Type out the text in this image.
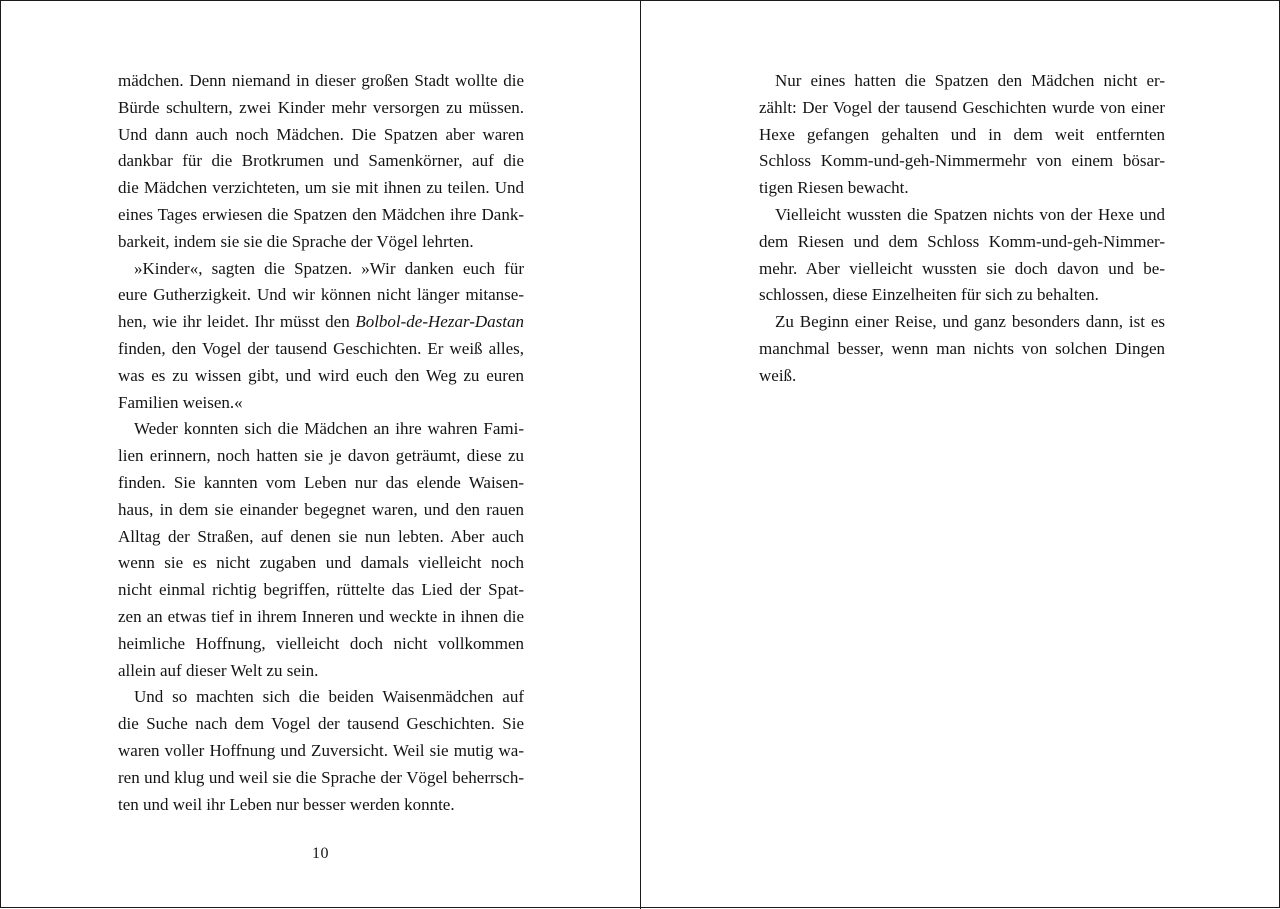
mädchen. Denn niemand in dieser großen Stadt wollte die
Bürde schultern, zwei Kinder mehr versorgen zu müssen.
Und dann auch noch Mädchen. Die Spatzen aber waren
dankbar für die Brotkrumen und Samenkörner, auf die
die Mädchen verzichteten, um sie mit ihnen zu teilen. Und
eines Tages erwiesen die Spatzen den Mädchen ihre Dank-
barkeit, indem sie sie die Sprache der Vögel lehrten.
»Kinder«, sagten die Spatzen. »Wir danken euch für
eure Gutherzigkeit. Und wir können nicht länger mitanse-
hen, wie ihr leidet. Ihr müsst den Bolbol-de-Hezar-Dastan
finden, den Vogel der tausend Geschichten. Er weiß alles,
was es zu wissen gibt, und wird euch den Weg zu euren
Familien weisen.«
Weder konnten sich die Mädchen an ihre wahren Fami-
lien erinnern, noch hatten sie je davon geträumt, diese zu
finden. Sie kannten vom Leben nur das elende Waisen-
haus, in dem sie einander begegnet waren, und den rauen
Alltag der Straßen, auf denen sie nun lebten. Aber auch
wenn sie es nicht zugaben und damals vielleicht noch
nicht einmal richtig begriffen, rüttelte das Lied der Spat-
zen an etwas tief in ihrem Inneren und weckte in ihnen die
heimliche Hoffnung, vielleicht doch nicht vollkommen
allein auf dieser Welt zu sein.
Und so machten sich die beiden Waisenmädchen auf
die Suche nach dem Vogel der tausend Geschichten. Sie
waren voller Hoffnung und Zuversicht. Weil sie mutig wa-
ren und klug und weil sie die Sprache der Vögel beherrsch-
ten und weil ihr Leben nur besser werden konnte.
10
Nur eines hatten die Spatzen den Mädchen nicht er-
zählt: Der Vogel der tausend Geschichten wurde von einer
Hexe gefangen gehalten und in dem weit entfernten
Schloss Komm-und-geh-Nimmermehr von einem bösar-
tigen Riesen bewacht.
Vielleicht wussten die Spatzen nichts von der Hexe und
dem Riesen und dem Schloss Komm-und-geh-Nimmer-
mehr. Aber vielleicht wussten sie doch davon und be-
schlossen, diese Einzelheiten für sich zu behalten.
Zu Beginn einer Reise, und ganz besonders dann, ist es
manchmal besser, wenn man nichts von solchen Dingen
weiß.
